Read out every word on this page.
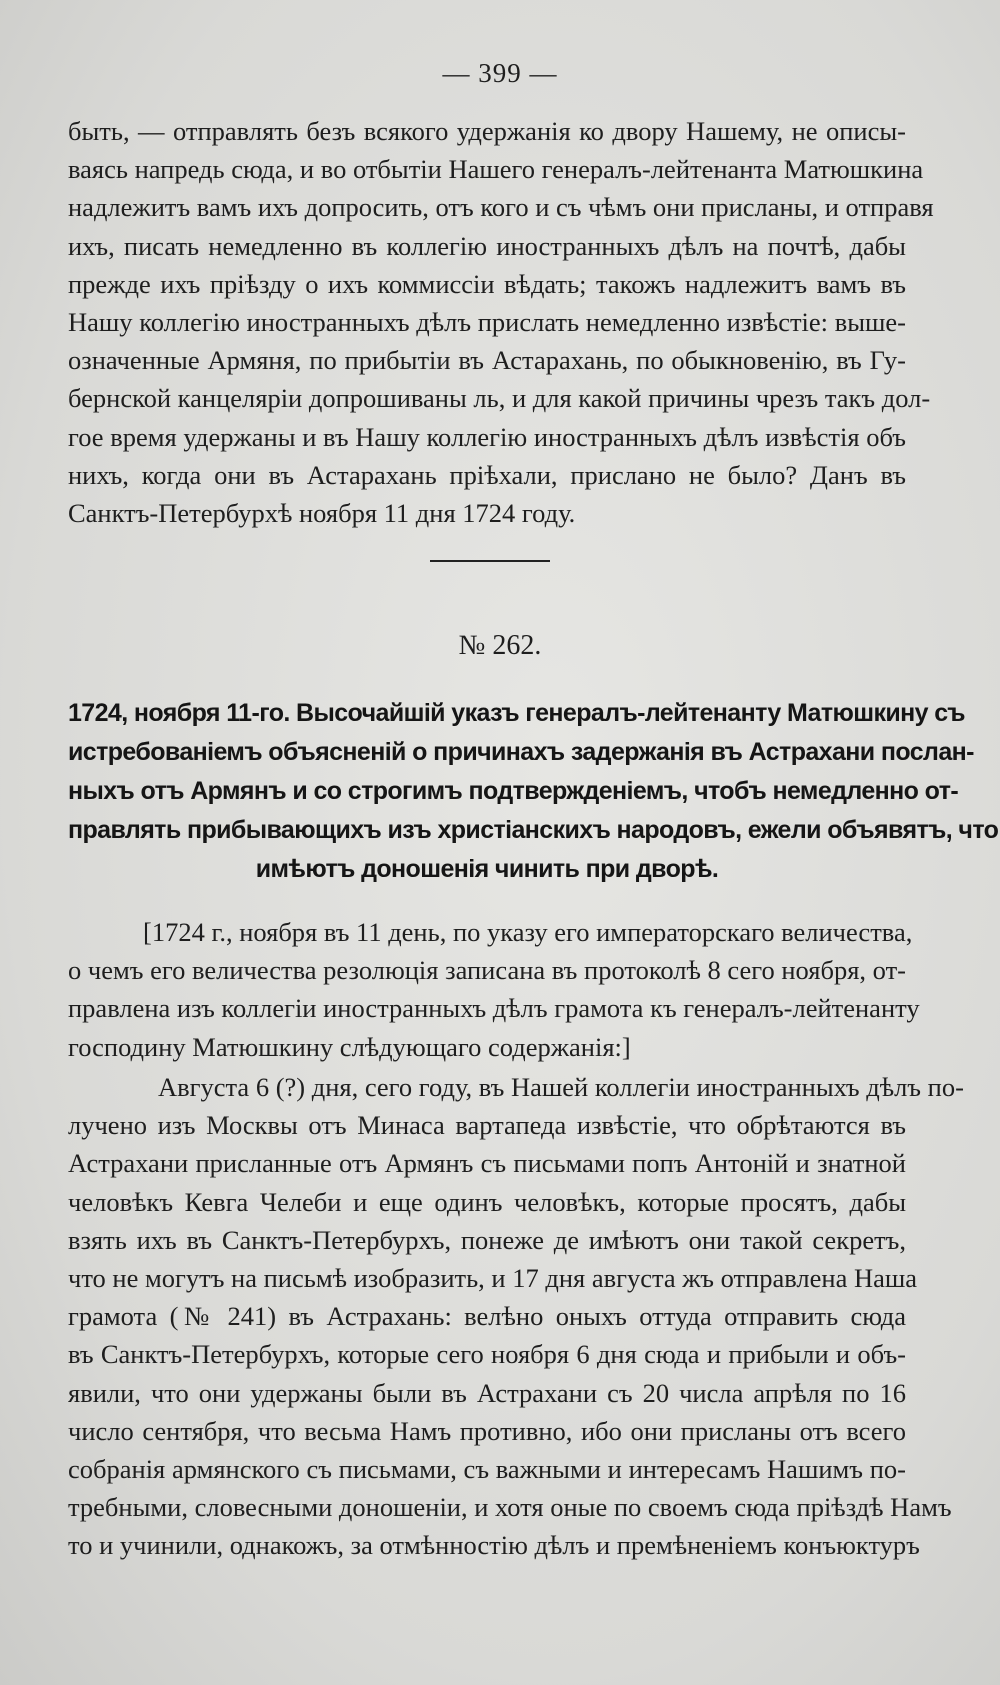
— 399 —
быть, — отправлять безъ всякого удержанія ко двору Нашему, не описы-
ваясь напредь сюда, и во отбытіи Нашего генералъ-лейтенанта Матюшкина
надлежитъ вамъ ихъ допросить, отъ кого и съ чѣмъ они присланы, и отправя
ихъ, писать немедленно въ коллегію иностранныхъ дѣлъ на почтѣ, дабы
прежде ихъ пріѣзду о ихъ коммиссіи вѣдать; такожъ надлежитъ вамъ въ
Нашу коллегію иностранныхъ дѣлъ прислать немедленно извѣстіе: выше-
означенные Армяня, по прибытіи въ Астарахань, по обыкновенію, въ Гу-
бернской канцеляріи допрошиваны ль, и для какой причины чрезъ такъ дол-
гое время удержаны и въ Нашу коллегію иностранныхъ дѣлъ извѣстія объ
нихъ, когда они въ Астарахань пріѣхали, прислано не было? Данъ въ
Санктъ-Петербурхѣ ноября 11 дня 1724 году.
№ 262.
1724, ноября 11-го. Высочайшій указъ генералъ-лейтенанту Матюшкину съ
истребованіемъ объясненій о причинахъ задержанія въ Астрахани послан-
ныхъ отъ Армянъ и со строгимъ подтвержденіемъ, чтобъ немедленно от-
правлять прибывающихъ изъ христіанскихъ народовъ, ежели объявятъ, что
имѣютъ доношенія чинить при дворѣ.
[1724 г., ноября въ 11 день, по указу его императорскаго величества,
о чемъ его величества резолюція записана въ протоколѣ 8 сего ноября, от-
правлена изъ коллегіи иностранныхъ дѣлъ грамота къ генералъ-лейтенанту
господину Матюшкину слѣдующаго содержанія:]
Августа 6 (?) дня, сего году, въ Нашей коллегіи иностранныхъ дѣлъ по-
лучено изъ Москвы отъ Минаса вартапеда извѣстіе, что обрѣтаются въ
Астрахани присланные отъ Армянъ съ письмами попъ Антоній и знатной
человѣкъ Кевга Челеби и еще одинъ человѣкъ, которые просятъ, дабы
взять ихъ въ Санктъ-Петербурхъ, понеже де имѣютъ они такой секретъ,
что не могутъ на письмѣ изобразить, и 17 дня августа жъ отправлена Наша
грамота (№ 241) въ Астрахань: велѣно оныхъ оттуда отправить сюда
въ Санктъ-Петербурхъ, которые сего ноября 6 дня сюда и прибыли и объ-
явили, что они удержаны были въ Астрахани съ 20 числа апрѣля по 16
число сентября, что весьма Намъ противно, ибо они присланы отъ всего
собранія армянского съ письмами, съ важными и интересамъ Нашимъ по-
требными, словесными доношеніи, и хотя оные по своемъ сюда пріѣздѣ Намъ
то и учинили, однакожъ, за отмѣнностію дѣлъ и премѣненіемъ конъюктуръ
